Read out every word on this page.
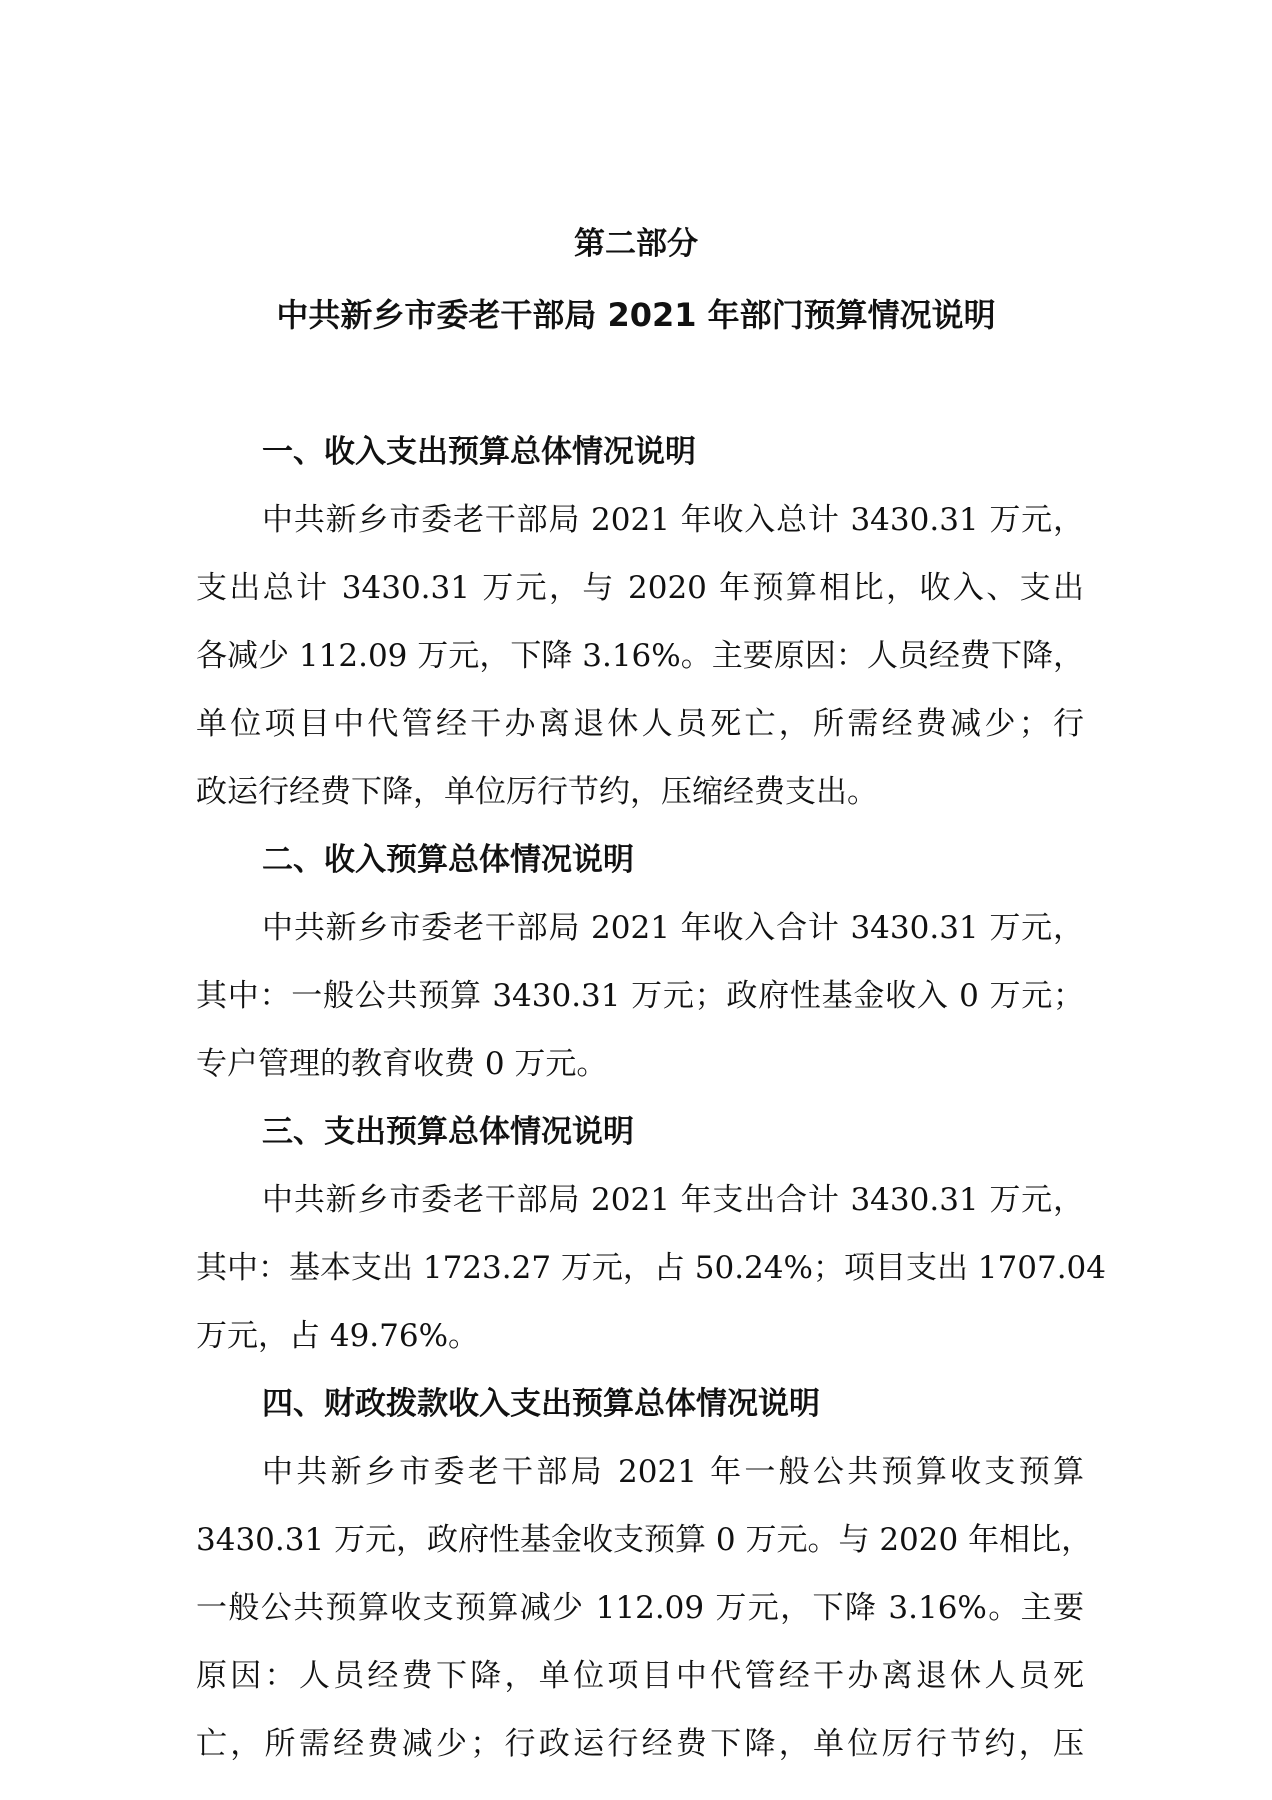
第二部分
中共新乡市委老干部局 2021 年部门预算情况说明
一、收入支出预算总体情况说明
中共新乡市委老干部局 2021 年收入总计 3430.31 万元，
支出总计 3430.31 万元，与 2020 年预算相比，收入、支出
各减少 112.09 万元，下降 3.16%。主要原因：人员经费下降，
单位项目中代管经干办离退休人员死亡，所需经费减少；行
政运行经费下降，单位厉行节约，压缩经费支出。
二、收入预算总体情况说明
中共新乡市委老干部局 2021 年收入合计 3430.31 万元，
其中：一般公共预算 3430.31 万元；政府性基金收入 0 万元；
专户管理的教育收费 0 万元。
三、支出预算总体情况说明
中共新乡市委老干部局 2021 年支出合计 3430.31 万元，
其中：基本支出 1723.27 万元，占 50.24%；项目支出 1707.04
万元，占 49.76%。
四、财政拨款收入支出预算总体情况说明
中共新乡市委老干部局 2021 年一般公共预算收支预算
3430.31 万元，政府性基金收支预算 0 万元。与 2020 年相比，
一般公共预算收支预算减少 112.09 万元，下降 3.16%。主要
原因：人员经费下降，单位项目中代管经干办离退休人员死
亡，所需经费减少；行政运行经费下降，单位厉行节约，压
